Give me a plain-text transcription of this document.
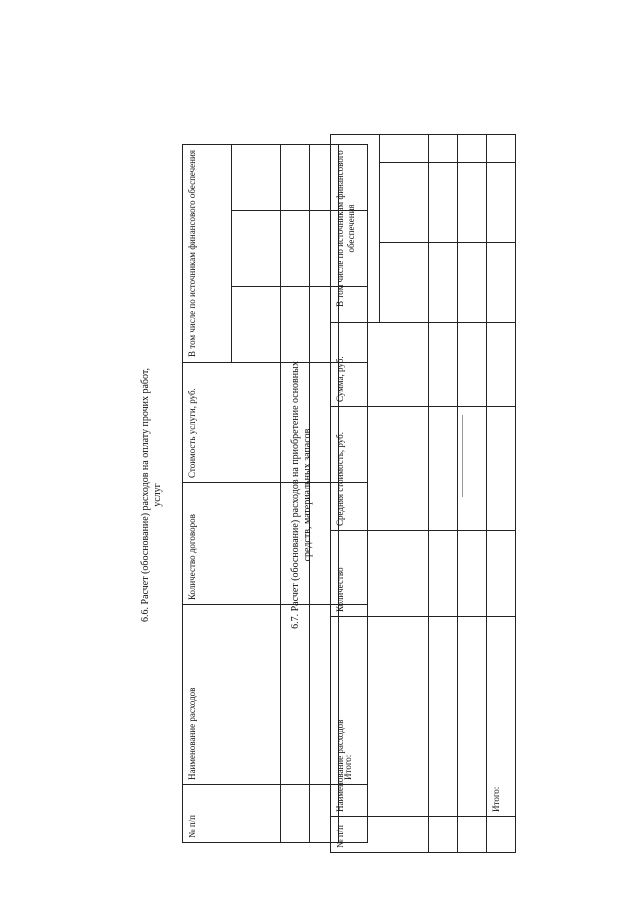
6.6. Расчет (обоснование) расходов на оплату прочих работ, услуг

№ п/п	Наименование расходов	Количество договоров	Стоимость услуги, руб.	В том числе по источникам финансового обеспечения		

	Итого:					

6.7. Расчет (обоснование) расходов на приобретение основных средств, материальных запасов

№ п/п	Наименование расходов	Количество	Средняя стоимость, руб.	Сумма, руб.	В том числе по источникам финансового обеспечения		

	Итого:						
